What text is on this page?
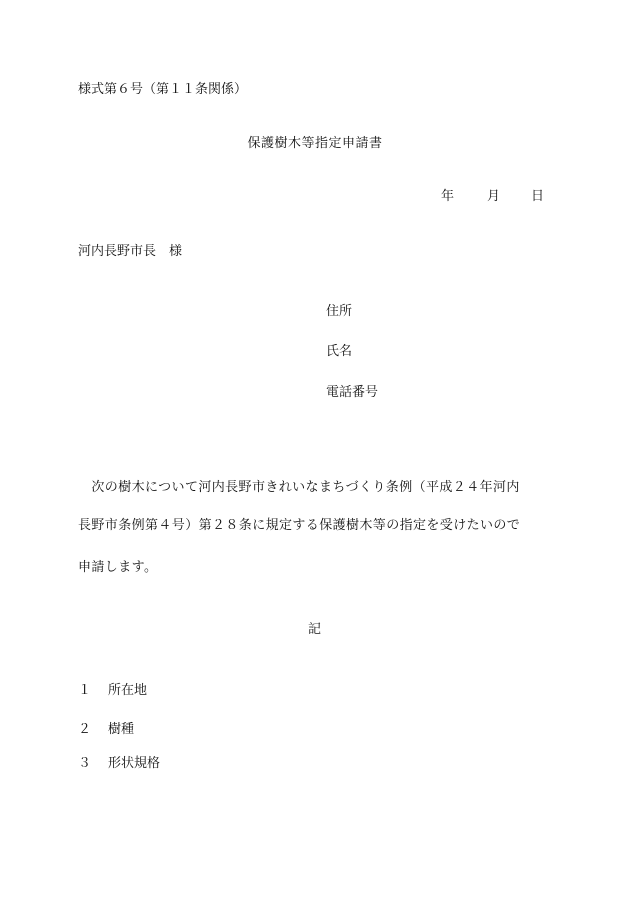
様式第６号（第１１条関係）
保護樹木等指定申請書
年	月 日
河内長野市長　様
住所
氏名
電話番号
　次の樹木について河内長野市きれいなまちづくり条例（平成２４年河内
長野市条例第４号）第２８条に規定する保護樹木等の指定を受けたいので
申請します。
記
１	所在地
２	樹種
３	形状規格
